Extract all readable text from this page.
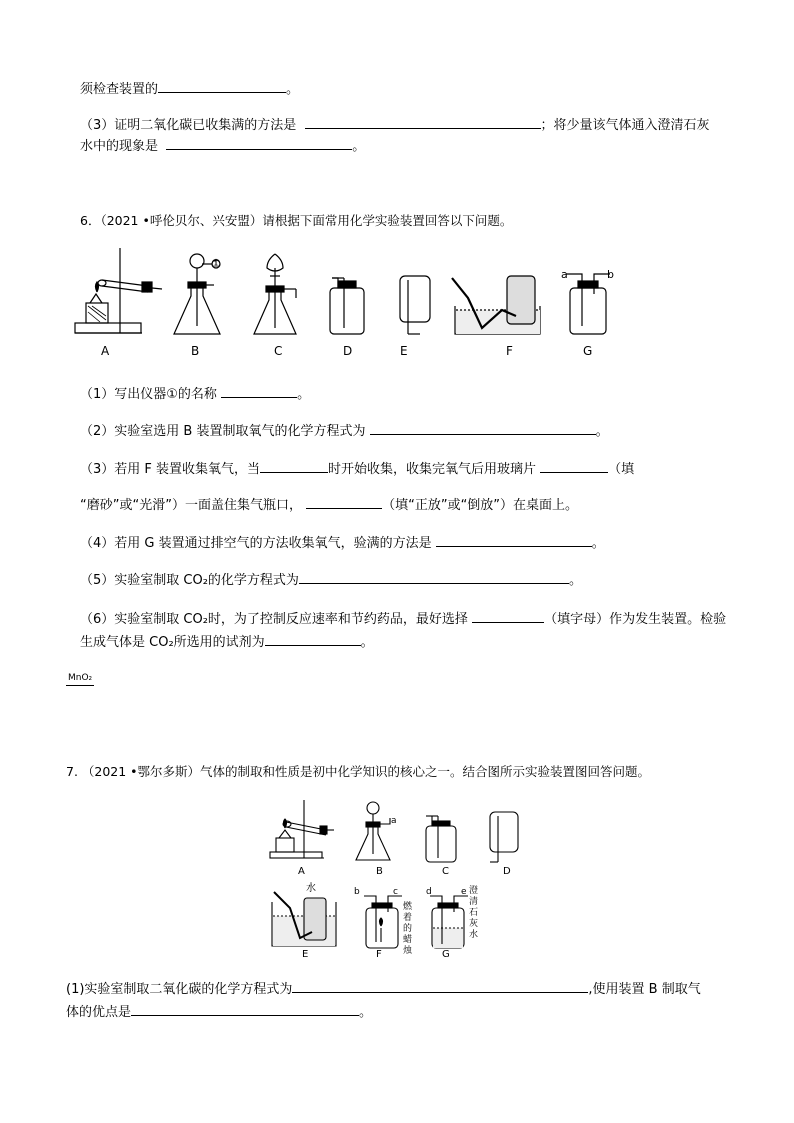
须检查装置的	。
（3）证明二氧化碳已收集满的方法是	；将少量该气体通入澄清石灰
水中的现象是	。
6．（2021 •呼伦贝尔、兴安盟）请根据下面常用化学实验装置回答以下问题。
①
a	b
A	B	C	D	E	F	G
（1）写出仪器①的名称	。
（2）实验室选用 B 装置制取氧气的化学方程式为	。
（3）若用 F 装置收集氧气，当	时开始收集，收集完氧气后用玻璃片	（填
“磨砂”或“光滑”）一面盖住集气瓶口，	（填“正放”或“倒放”）在桌面上。
（4）若用 G 装置通过排空气的方法收集氧气，验满的方法是	。
（5）实验室制取 CO₂的化学方程式为	。
（6）实验室制取 CO₂时，为了控制反应速率和节约药品，最好选择	（填字母）作为发生装置。检验
生成气体是 CO₂所选用的试剂为	。
MnO₂
7. （2021 •鄂尔多斯）气体的制取和性质是初中化学知识的核心之一。结合图所示实验装置图回答问题。
A	B	C	D
E	F	G
a
b	c	d	e
水
燃着的蜡烛
澄清石灰水
(1)实验室制取二氧化碳的化学方程式为	,使用装置 B 制取气
体的优点是	。
